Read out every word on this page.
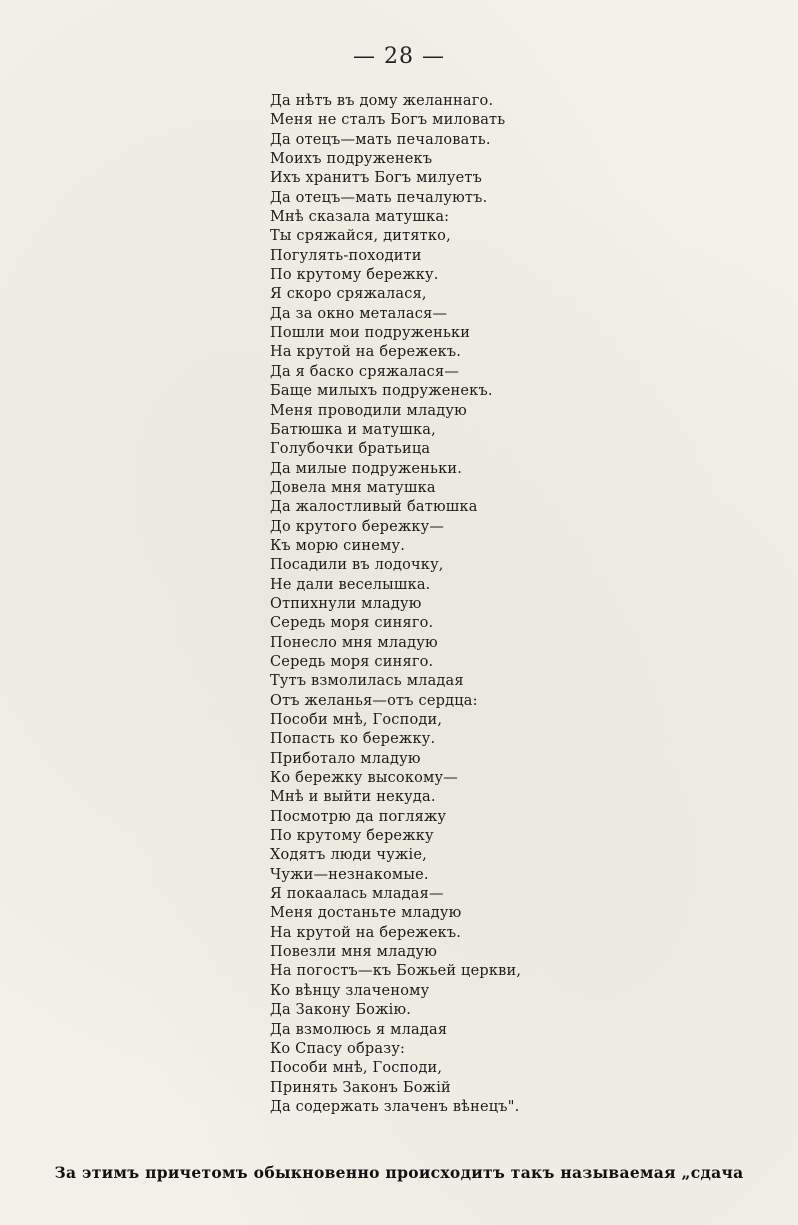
— 28 —
Да нѣтъ въ дому желаннаго.
Меня не сталъ Богъ миловать
Да отецъ—мать печаловать.
Моихъ подруженекъ
Ихъ хранитъ Богъ милуетъ
Да отецъ—мать печалуютъ.
Мнѣ сказала матушка:
Ты сряжайся, дитятко,
Погулять-походити
По крутому бережку.
Я скоро сряжалася,
Да за окно металася—
Пошли мои подруженьки
На крутой на бережекъ.
Да я баско сряжалася—
Баще милыхъ подруженекъ.
Меня проводили младую
Батюшка и матушка,
Голубочки братьица
Да милые подруженьки.
Довела мня матушка
Да жалостливый батюшка
До крутого бережку—
Къ морю синему.
Посадили въ лодочку,
Не дали веселышка.
Отпихнули младую
Середь моря синяго.
Понесло мня младую
Середь моря синяго.
Тутъ взмолилась младая
Отъ желанья—отъ сердца:
Пособи мнѣ, Господи,
Попасть ко бережку.
Приботало младую
Ко бережку высокому—
Мнѣ и выйти некуда.
Посмотрю да погляжу
По крутому бережку
Ходятъ люди чужіе,
Чужи—незнакомые.
Я покаалась младая—
Меня достаньте младую
На крутой на бережекъ.
Повезли мня младую
На погостъ—къ Божьей церкви,
Ко вѣнцу злаченому
Да Закону Божію.
Да взмолюсь я младая
Ко Спасу образу:
Пособи мнѣ, Господи,
Принять Законъ Божій
Да содержать злаченъ вѣнецъ".
За этимъ причетомъ обыкновенно происходитъ такъ называемая „сдача
